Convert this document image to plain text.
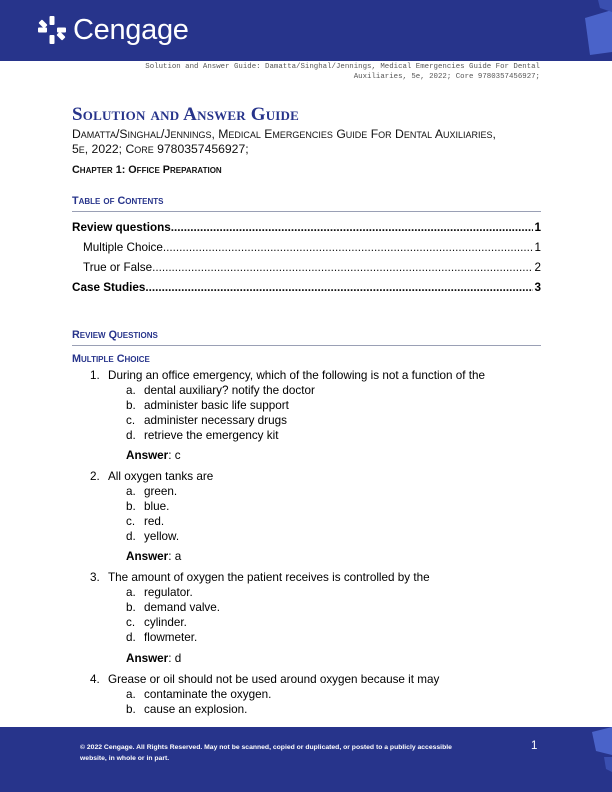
Cengage
Solution and Answer Guide: Damatta/Singhal/Jennings, Medical Emergencies Guide For Dental
Auxiliaries, 5e, 2022; Core 9780357456927;
Solution and Answer Guide
Damatta/Singhal/Jennings, Medical Emergencies Guide For Dental Auxiliaries,
5e, 2022; Core 9780357456927;
Chapter 1: Office Preparation
Table of Contents
Review questions .....	1
Multiple Choice .....	1
True or False .....	2
Case Studies .....	3
Review Questions
Multiple Choice
1. During an office emergency, which of the following is not a function of the
a. dental auxiliary? notify the doctor
b. administer basic life support
c. administer necessary drugs
d. retrieve the emergency kit
Answer: c
2. All oxygen tanks are
a. green.
b. blue.
c. red.
d. yellow.
Answer: a
3. The amount of oxygen the patient receives is controlled by the
a. regulator.
b. demand valve.
c. cylinder.
d. flowmeter.
Answer: d
4. Grease or oil should not be used around oxygen because it may
a. contaminate the oxygen.
b. cause an explosion.
© 2022 Cengage. All Rights Reserved. May not be scanned, copied or duplicated, or posted to a publicly accessible
website, in whole or in part.
1
